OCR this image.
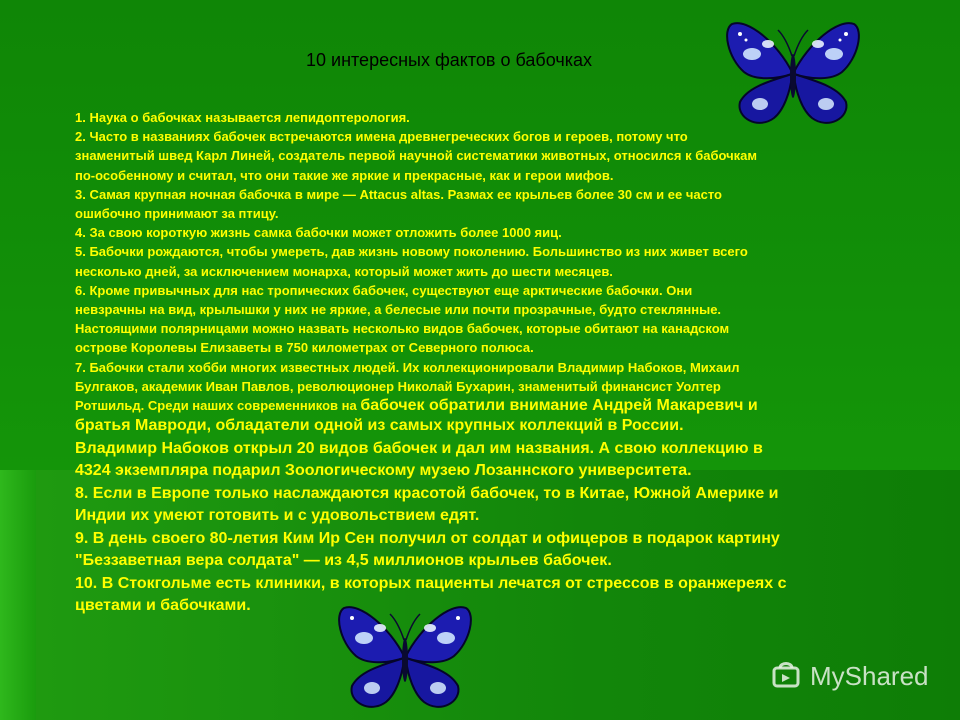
10 интересных фактов о бабочках
1. Наука о бабочках называется лепидоптерология.
2. Часто в названиях бабочек встречаются имена древнегреческих богов и героев, потому что
знаменитый швед Карл Линей, создатель первой научной систематики животных, относился к бабочкам
по-особенному и считал, что они такие же яркие и прекрасные, как и герои мифов.
3. Самая крупная ночная бабочка в мире — Attacus altas. Размах ее крыльев более 30 см и ее часто
ошибочно принимают за птицу.
4. За свою короткую жизнь самка бабочки может отложить более 1000 яиц.
5. Бабочки рождаются, чтобы умереть, дав жизнь новому поколению. Большинство из них живет всего
несколько дней, за исключением монарха, который может жить до шести месяцев.
6. Кроме привычных для нас тропических бабочек, существуют еще арктические бабочки. Они
невзрачны на вид, крылышки у них не яркие, а белесые или почти прозрачные, будто стеклянные.
Настоящими полярницами можно назвать несколько видов бабочек, которые обитают на канадском
острове Королевы Елизаветы в 750 километрах от Северного полюса.
7. Бабочки стали хобби многих известных людей. Их коллекционировали Владимир Набоков, Михаил
Булгаков, академик Иван Павлов, революционер Николай Бухарин, знаменитый финансист Уолтер
Ротшильд. Среди наших современников на бабочек обратили внимание Андрей Макаревич и
братья Мавроди, обладатели одной из самых крупных коллекций в России.
Владимир Набоков открыл 20 видов бабочек и дал им названия. А свою коллекцию в
4324 экземпляра подарил Зоологическому музею Лозаннского университета.
8. Если в Европе только наслаждаются красотой бабочек, то в Китае, Южной Америке и
Индии их умеют готовить и с удовольствием едят.
9. В день своего 80-летия Ким Ир Сен получил от солдат и офицеров в подарок картину
"Беззаветная вера солдата" — из 4,5 миллионов крыльев бабочек.
10. В Стокгольме есть клиники, в которых пациенты лечатся от стрессов в оранжереях с
цветами и бабочками.
MyShared
